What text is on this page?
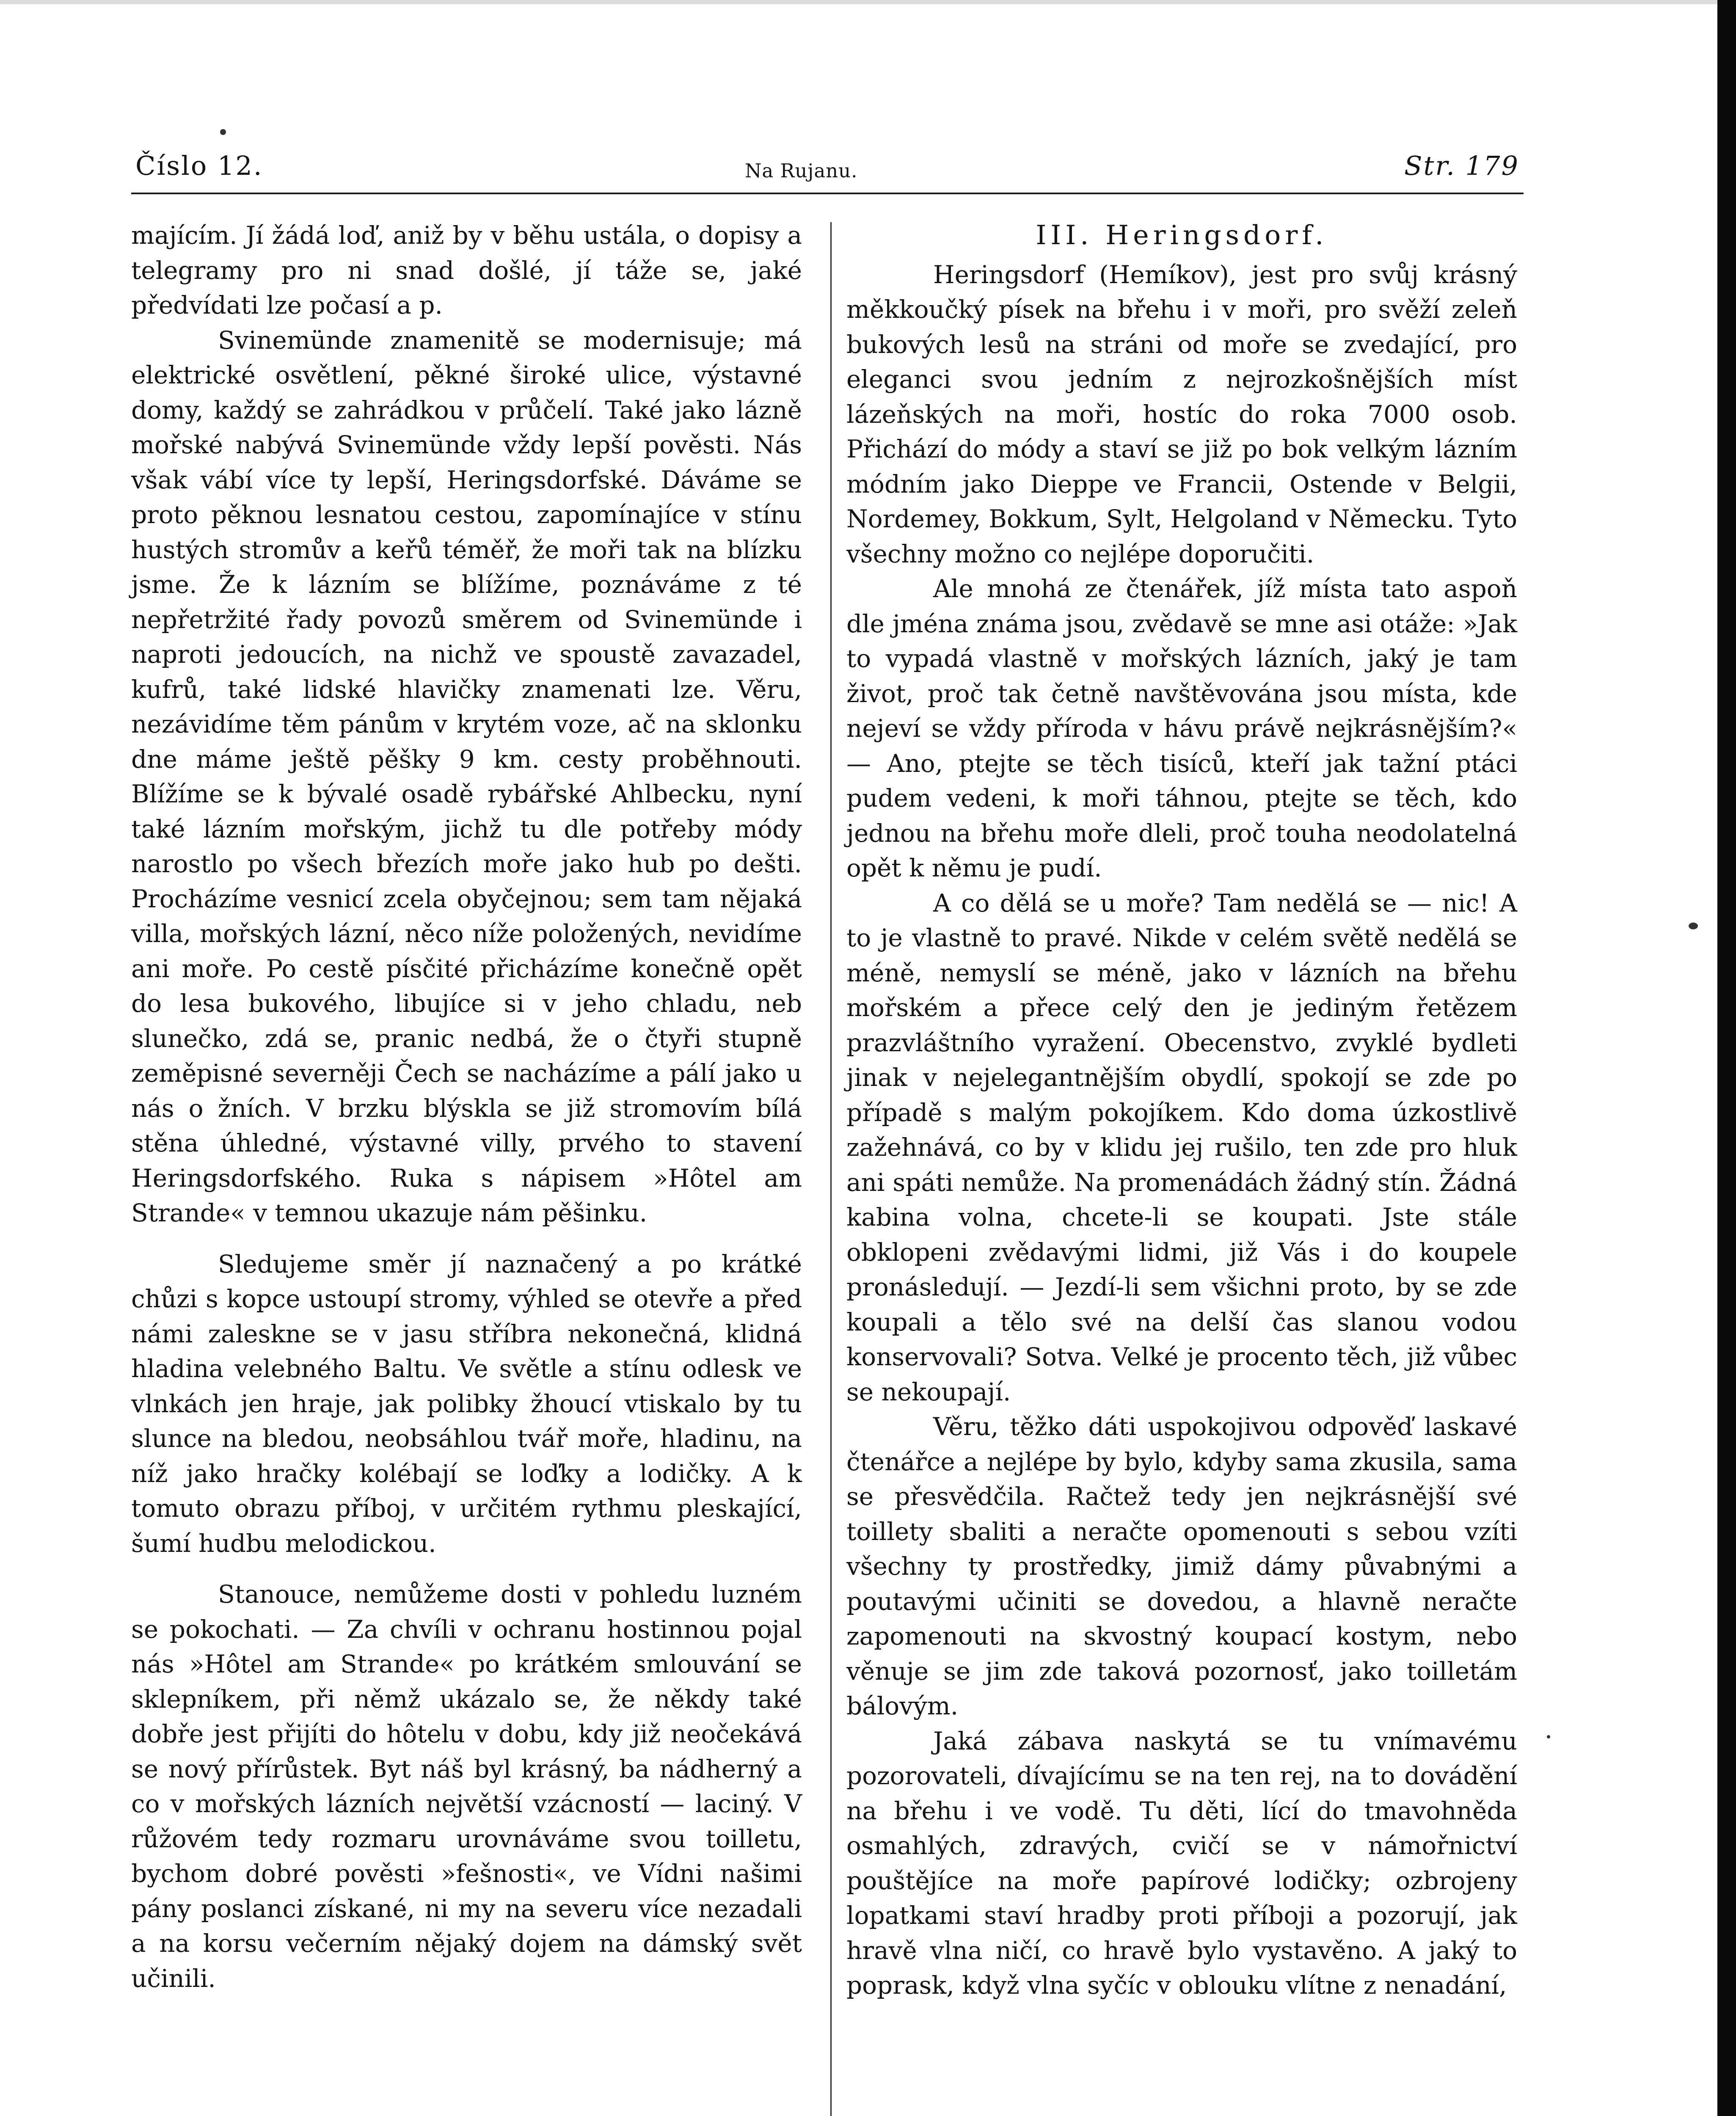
Číslo 12.	Na Rujanu.	Str. 179

majícím. Jí žádá loď, aniž by v běhu ustála, o dopisy a telegramy pro ni snad došlé, jí táže se, jaké předvídati lze počasí a p.

Svinemünde znamenitě se modernisuje; má elektrické osvětlení, pěkné široké ulice, výstavné domy, každý se zahrádkou v průčelí. Také jako lázně mořské nabývá Svinemünde vždy lepší pověsti. Nás však vábí více ty lepší, Heringsdorfské. Dáváme se proto pěknou lesnatou cestou, zapomínajíce v stínu hustých stromův a keřů téměř, že moři tak na blízku jsme. Že k lázním se blížíme, poznáváme z té nepřetržité řady povozů směrem od Svinemünde i naproti jedoucích, na nichž ve spoustě zavazadel, kufrů, také lidské hlavičky znamenati lze. Věru, nezávidíme těm pánům v krytém voze, ač na sklonku dne máme ještě pěšky 9 km. cesty proběhnouti. Blížíme se k bývalé osadě rybářské Ahlbecku, nyní také lázním mořským, jichž tu dle potřeby módy narostlo po všech březích moře jako hub po dešti. Procházíme vesnicí zcela obyčejnou; sem tam nějaká villa, mořských lázní, něco níže položených, nevidíme ani moře. Po cestě písčité přicházíme konečně opět do lesa bukového, libujíce si v jeho chladu, neb slunečko, zdá se, pranic nedbá, že o čtyři stupně zeměpisné severněji Čech se nacházíme a pálí jako u nás o žních. V brzku blýskla se již stromovím bílá stěna úhledné, výstavné villy, prvého to stavení Heringsdorfského. Ruka s nápisem »Hôtel am Strande« v temnou ukazuje nám pěšinku.

Sledujeme směr jí naznačený a po krátké chůzi s kopce ustoupí stromy, výhled se otevře a před námi zaleskne se v jasu stříbra nekonečná, klidná hladina velebného Baltu. Ve světle a stínu odlesk ve vlnkách jen hraje, jak polibky žhoucí vtiskalo by tu slunce na bledou, neobsáhlou tvář moře, hladinu, na níž jako hračky kolébají se loďky a lodičky. A k tomuto obrazu příboj, v určitém rythmu pleskající, šumí hudbu melodickou.

Stanouce, nemůžeme dosti v pohledu luzném se pokochati. — Za chvíli v ochranu hostinnou pojal nás »Hôtel am Strande« po krátkém smlouvání se sklepníkem, při němž ukázalo se, že někdy také dobře jest přijíti do hôtelu v dobu, kdy již neočekává se nový přírůstek. Byt náš byl krásný, ba nádherný a co v mořských lázních největší vzácností — laciný. V růžovém tedy rozmaru urovnáváme svou toilletu, bychom dobré pověsti »fešnosti«, ve Vídni našimi pány poslanci získané, ni my na severu více nezadali a na korsu večerním nějaký dojem na dámský svět učinili.

III. Heringsdorf.

Heringsdorf (Hemíkov), jest pro svůj krásný měkkoučký písek na břehu i v moři, pro svěží zeleň bukových lesů na stráni od moře se zvedající, pro eleganci svou jedním z nejrozkošnějších míst lázeňských na moři, hostíc do roka 7000 osob. Přichází do módy a staví se již po bok velkým lázním módním jako Dieppe ve Francii, Ostende v Belgii, Nordemey, Bokkum, Sylt, Helgoland v Německu. Tyto všechny možno co nejlépe doporučiti.

Ale mnohá ze čtenářek, jíž místa tato aspoň dle jména známa jsou, zvědavě se mne asi otáže: »Jak to vypadá vlastně v mořských lázních, jaký je tam život, proč tak četně navštěvována jsou místa, kde nejeví se vždy příroda v hávu právě nejkrásnějším?« — Ano, ptejte se těch tisíců, kteří jak tažní ptáci pudem vedeni, k moři táhnou, ptejte se těch, kdo jednou na břehu moře dleli, proč touha neodolatelná opět k němu je pudí.

A co dělá se u moře? Tam nedělá se — nic! A to je vlastně to pravé. Nikde v celém světě nedělá se méně, nemyslí se méně, jako v lázních na břehu mořském a přece celý den je jediným řetězem prazvláštního vyražení. Obecenstvo, zvyklé bydleti jinak v nejelegantnějším obydlí, spokojí se zde po případě s malým pokojíkem. Kdo doma úzkostlivě zažehnává, co by v klidu jej rušilo, ten zde pro hluk ani spáti nemůže. Na promenádách žádný stín. Žádná kabina volna, chcete-li se koupati. Jste stále obklopeni zvědavými lidmi, již Vás i do koupele pronásledují. — Jezdí-li sem všichni proto, by se zde koupali a tělo své na delší čas slanou vodou konservovali? Sotva. Velké je procento těch, již vůbec se nekoupají.

Věru, těžko dáti uspokojivou odpověď laskavé čtenářce a nejlépe by bylo, kdyby sama zkusila, sama se přesvědčila. Račtež tedy jen nejkrásnější své toillety sbaliti a neračte opomenouti s sebou vzíti všechny ty prostředky, jimiž dámy půvabnými a poutavými učiniti se dovedou, a hlavně neračte zapomenouti na skvostný koupací kostym, nebo věnuje se jim zde taková pozornosť, jako toilletám bálovým.

Jaká zábava naskytá se tu vnímavému pozorovateli, dívajícímu se na ten rej, na to dovádění na břehu i ve vodě. Tu děti, lící do tmavohněda osmahlých, zdravých, cvičí se v námořnictví pouštějíce na moře papírové lodičky; ozbrojeny lopatkami staví hradby proti příboji a pozorují, jak hravě vlna ničí, co hravě bylo vystavěno. A jaký to poprask, když vlna syčíc v oblouku vlítne z nenadání,
